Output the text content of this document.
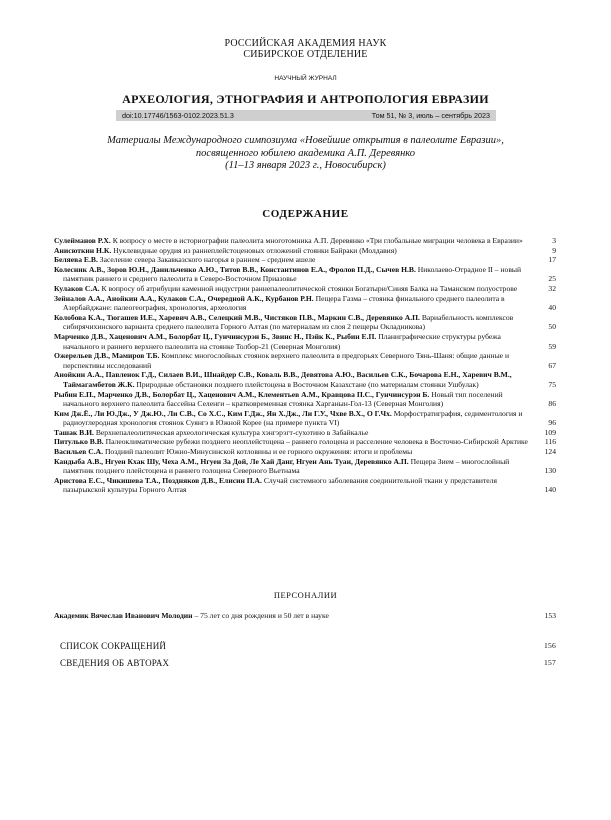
РОССИЙСКАЯ АКАДЕМИЯ НАУК
СИБИРСКОЕ ОТДЕЛЕНИЕ
НАУЧНЫЙ ЖУРНАЛ
АРХЕОЛОГИЯ, ЭТНОГРАФИЯ И АНТРОПОЛОГИЯ ЕВРАЗИИ
doi:10.17746/1563-0102.2023.51.3	Том 51, № 3, июль – сентябрь 2023
Материалы Международного симпозиума «Новейшие открытия в палеолите Евразии»,
посвященного юбилею академика А.П. Деревянко
(11–13 января 2023 г., Новосибирск)
СОДЕРЖАНИЕ
Сулейманов Р.Х. К вопросу о месте в историографии палеолита многотомника А.П. Деревянко «Три глобальные миграции человека в Евразии»	3
Анисюткин Н.К. Нуклевидные орудия из раннеплейстоценовых отложений стоянки Байраки (Молдавия)	9
Беляева Е.В. Заселение севера Закавказского нагорья в раннем – среднем ашеле	17
Колесник А.В., Зоров Ю.Н., Данильченко А.Ю., Титов В.В., Константинов Е.А., Фролов П.Д., Сычев Н.В. Николаево-Отрадное II – новый памятник раннего и среднего палеолита в Северо-Восточном Приазовье	25
Кулаков С.А. К вопросу об атрибуции каменной индустрии раннепалеолитической стоянки Богатыри/Синяя Балка на Таманском полуострове	32
Зейналов А.А., Анойкин А.А., Кулаков С.А., Очередной А.К., Курбанов Р.Н. Пещера Газма – стоянка финального среднего палеолита в Азербайджане: палеогеография, хронология, археология	40
Колобова К.А., Тюгашев И.Е., Харевич А.В., Селецкий М.В., Чистяков П.В., Маркин С.В., Деревянко А.П. Вариабельность комплексов сибирячихинского варианта среднего палеолита Горного Алтая (по материалам из слоя 2 пещеры Окладникова)	50
Марченко Д.В., Хаценович А.М., Болорбат Ц., Гунчинсурэн Б., Звинс Н., Пэйк К., Рыбин Е.П. Планиграфические структуры рубежа начального и раннего верхнего палеолита на стоянке Толбор-21 (Северная Монголия)	59
Ожерельев Д.В., Мамиров Т.Б. Комплекс многослойных стоянок верхнего палеолита в предгорьях Северного Тянь-Шаня: общие данные и перспективы исследований	67
Анойкин А.А., Павленок Г.Д., Силаев В.И., Шнайдер С.В., Коваль В.В., Девятова А.Ю., Васильев С.К., Бочарова Е.Н., Харевич В.М., Таймагамбетов Ж.К. Природные обстановки позднего плейстоцена в Восточном Казахстане (по материалам стоянки Ушбулак)	75
Рыбин Е.П., Марченко Д.В., Болорбат Ц., Хаценович А.М., Клементьев А.М., Кравцова П.С., Гунчинсурэн Б. Новый тип поселений начального верхнего палеолита бассейна Селенги – кратковременная стоянка Харганын-Гол-13 (Северная Монголия)	86
Ким Дж.Ё., Ли Ю.Дж., У Дж.Ю., Ли С.В., Со Х.С., Ким Г.Дж., Ян Х.Дж., Ли Г.У., Чхве В.Х., О Г.Чх. Морфостратиграфия, седиментология и радиоуглеродная хронология стоянок Суянгэ в Южной Корее (на примере пункта VI)	96
Ташак В.И. Верхнепалеолитическая археологическая культура хэнгэрэгт-сухотино в Забайкалье	109
Питулько В.В. Палеоклиматические рубежи позднего неоплейстоцена – раннего голоцена и расселение человека в Восточно-Сибирской Арктике 116
Васильев С.А. Поздний палеолит Южно-Минусинской котловины и ее горного окружения: итоги и проблемы	124
Кандыба А.В., Нгуен Кхак Шу, Чеха А.М., Нгуен За Дой, Ле Хай Данг, Нгуен Ань Туан, Деревянко А.П. Пещера Зием – многослойный памятник позднего плейстоцена и раннего голоцена Северного Вьетнама	130
Аристова Е.С., Чикишева Т.А., Поздняков Д.В., Елисин П.А. Случай системного заболевания соединительной ткани у представителя пазырыкской культуры Горного Алтая	140
ПЕРСОНАЛИИ
Академик Вячеслав Иванович Молодин – 75 лет со дня рождения и 50 лет в науке	153
СПИСОК СОКРАЩЕНИЙ	156
СВЕДЕНИЯ ОБ АВТОРАХ	157
